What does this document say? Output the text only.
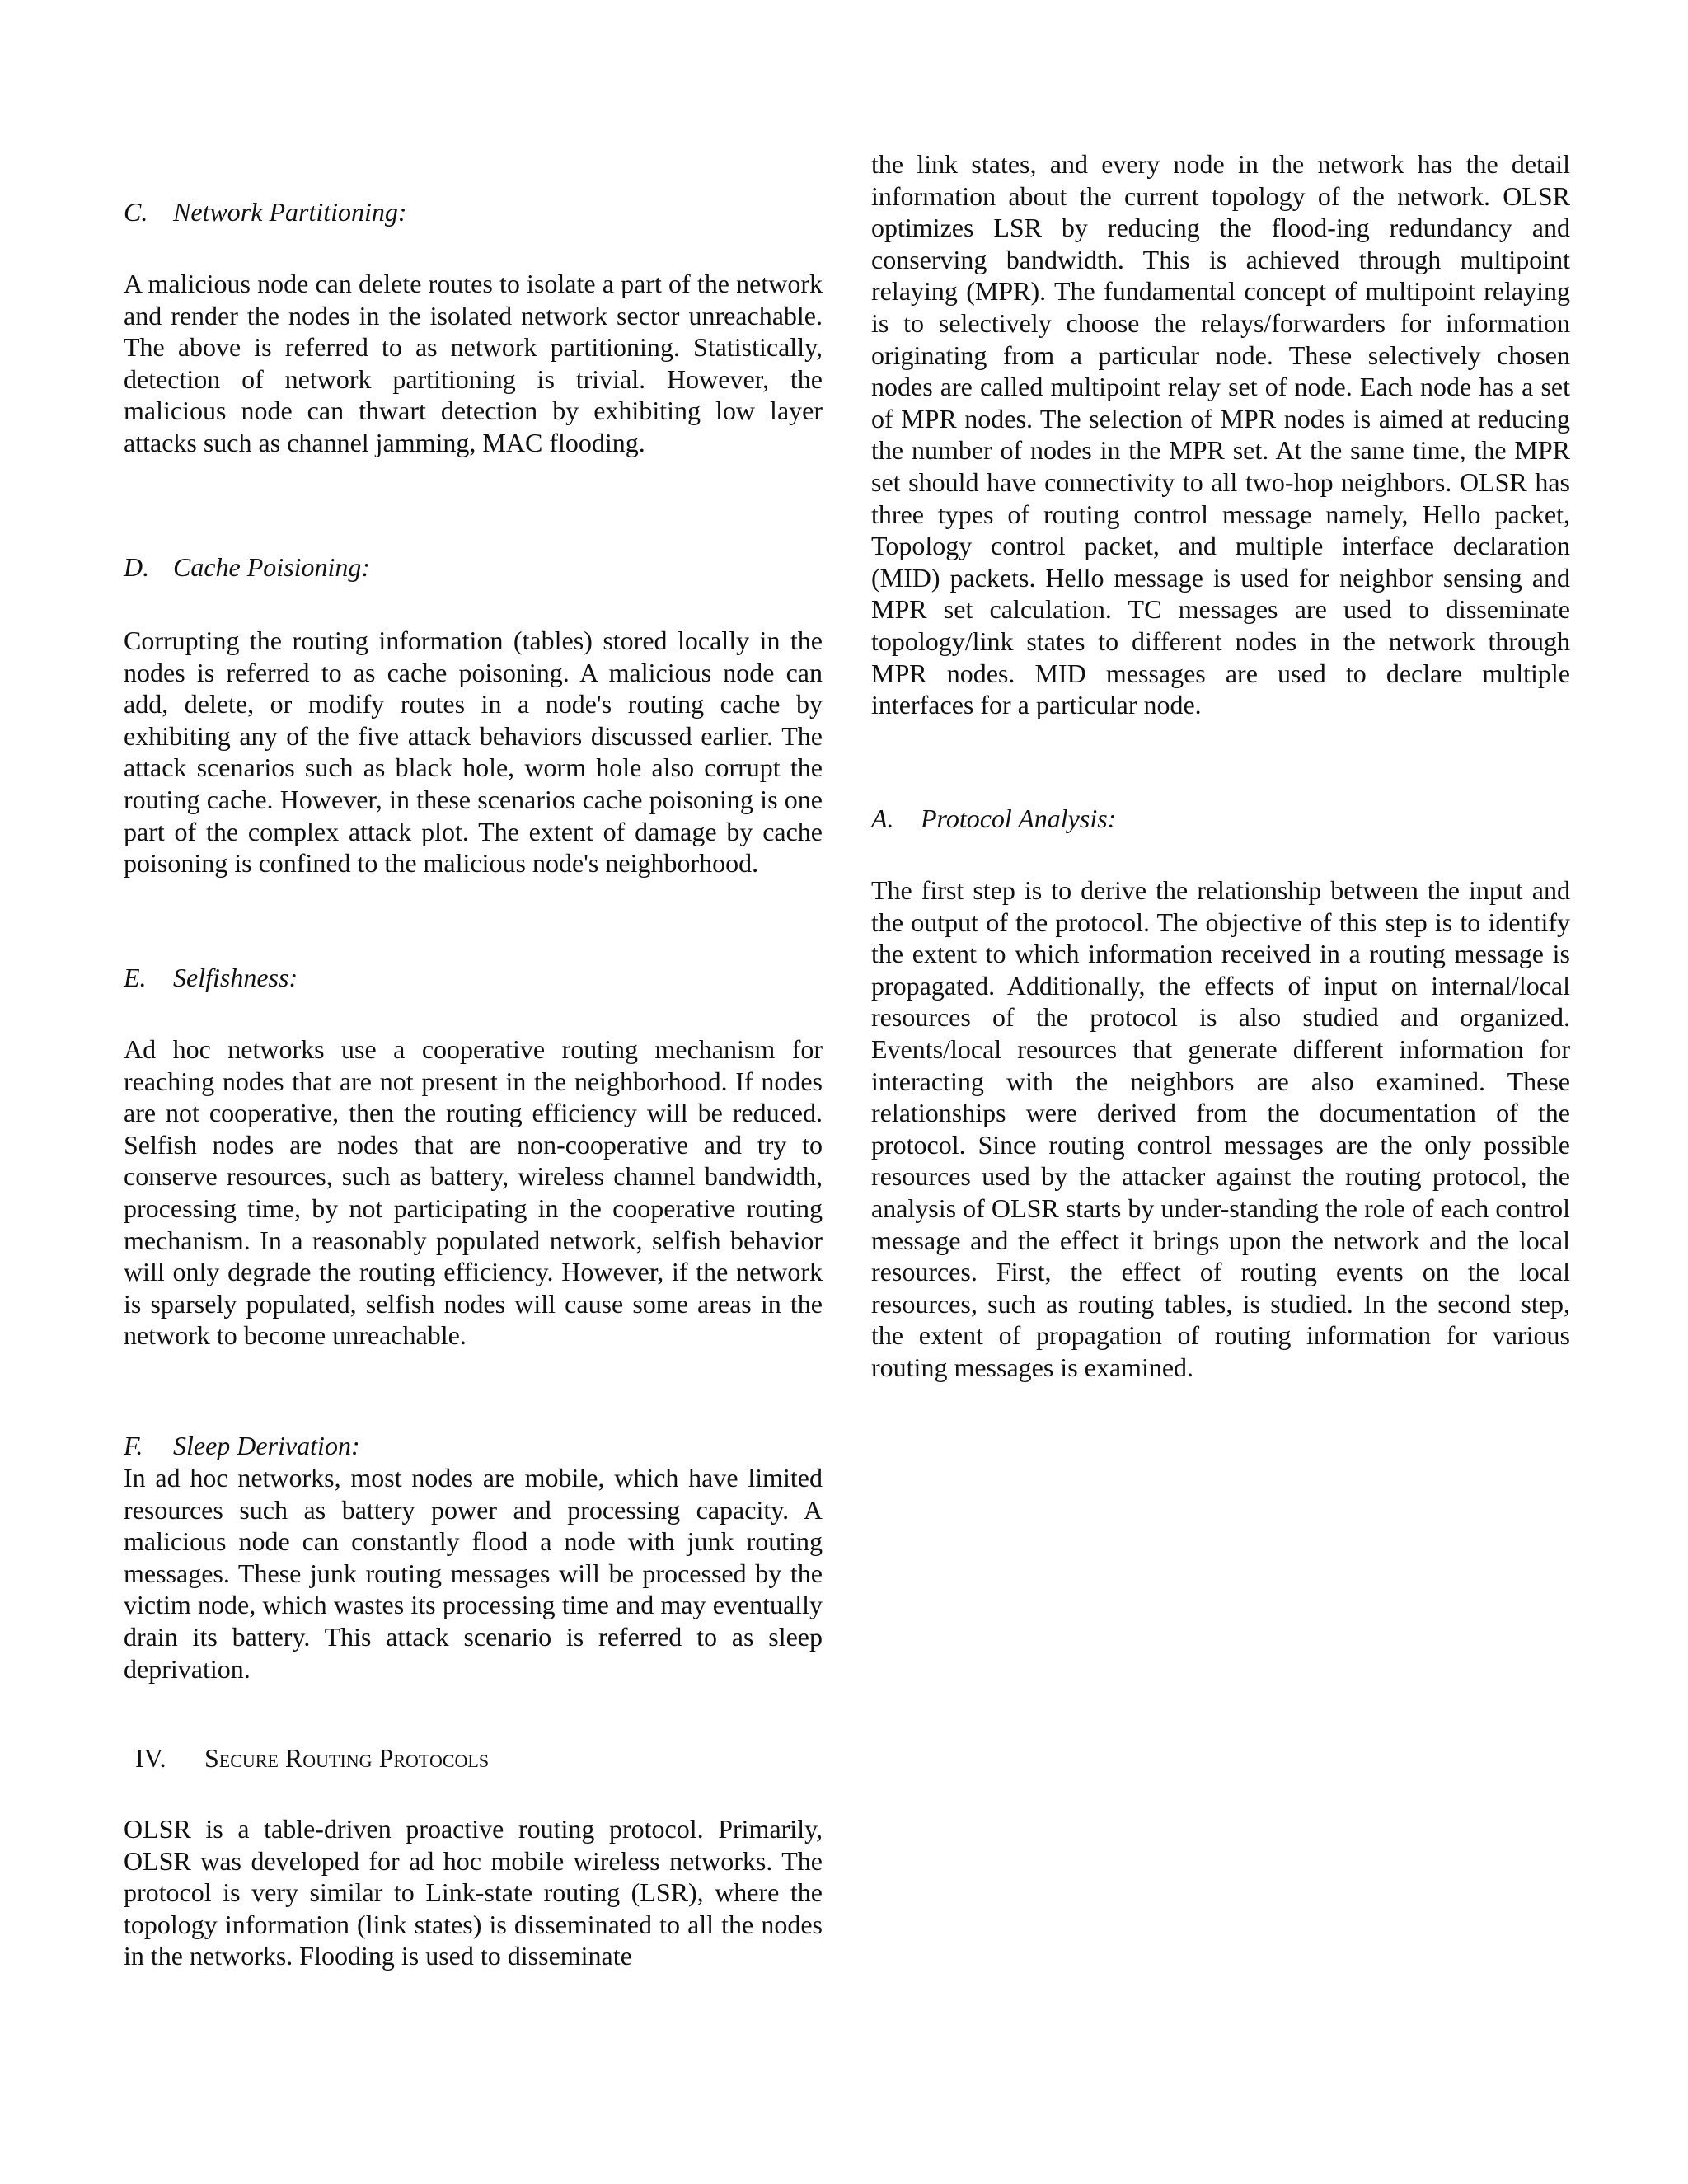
C. Network Partitioning:

A malicious node can delete routes to isolate a part of the network and render the nodes in the isolated network sector unreachable. The above is referred to as network partitioning. Statistically, detection of network partitioning is trivial. However, the malicious node can thwart detection by exhibiting low layer attacks such as channel jamming, MAC flooding.

D. Cache Poisioning:

Corrupting the routing information (tables) stored locally in the nodes is referred to as cache poisoning. A malicious node can add, delete, or modify routes in a node's routing cache by exhibiting any of the five attack behaviors discussed earlier. The attack scenarios such as black hole, worm hole also corrupt the routing cache. However, in these scenarios cache poisoning is one part of the complex attack plot. The extent of damage by cache poisoning is confined to the malicious node's neighborhood.

E. Selfishness:

Ad hoc networks use a cooperative routing mechanism for reaching nodes that are not present in the neighborhood. If nodes are not cooperative, then the routing efficiency will be reduced. Selfish nodes are nodes that are non-cooperative and try to conserve resources, such as battery, wireless channel bandwidth, processing time, by not participating in the cooperative routing mechanism. In a reasonably populated network, selfish behavior will only degrade the routing efficiency. However, if the network is sparsely populated, selfish nodes will cause some areas in the network to become unreachable.

F. Sleep Derivation:

In ad hoc networks, most nodes are mobile, which have limited resources such as battery power and processing capacity. A malicious node can constantly flood a node with junk routing messages. These junk routing messages will be processed by the victim node, which wastes its processing time and may eventually drain its battery. This attack scenario is referred to as sleep deprivation.

IV. Secure Routing Protocols

OLSR is a table-driven proactive routing protocol. Primarily, OLSR was developed for ad hoc mobile wireless networks. The protocol is very similar to Link-state routing (LSR), where the topology information (link states) is disseminated to all the nodes in the networks. Flooding is used to disseminate

the link states, and every node in the network has the detail information about the current topology of the network. OLSR optimizes LSR by reducing the flood-ing redundancy and conserving bandwidth. This is achieved through multipoint relaying (MPR). The fundamental concept of multipoint relaying is to selectively choose the relays/forwarders for information originating from a particular node. These selectively chosen nodes are called multipoint relay set of node. Each node has a set of MPR nodes. The selection of MPR nodes is aimed at reducing the number of nodes in the MPR set. At the same time, the MPR set should have connectivity to all two-hop neighbors. OLSR has three types of routing control message namely, Hello packet, Topology control packet, and multiple interface declaration (MID) packets. Hello message is used for neighbor sensing and MPR set calculation. TC messages are used to disseminate topology/link states to different nodes in the network through MPR nodes. MID messages are used to declare multiple interfaces for a particular node.

A. Protocol Analysis:

The first step is to derive the relationship between the input and the output of the protocol. The objective of this step is to identify the extent to which information received in a routing message is propagated. Additionally, the effects of input on internal/local resources of the protocol is also studied and organized. Events/local resources that generate different information for interacting with the neighbors are also examined. These relationships were derived from the documentation of the protocol. Since routing control messages are the only possible resources used by the attacker against the routing protocol, the analysis of OLSR starts by under-standing the role of each control message and the effect it brings upon the network and the local resources. First, the effect of routing events on the local resources, such as routing tables, is studied. In the second step, the extent of propagation of routing information for various routing messages is examined.
